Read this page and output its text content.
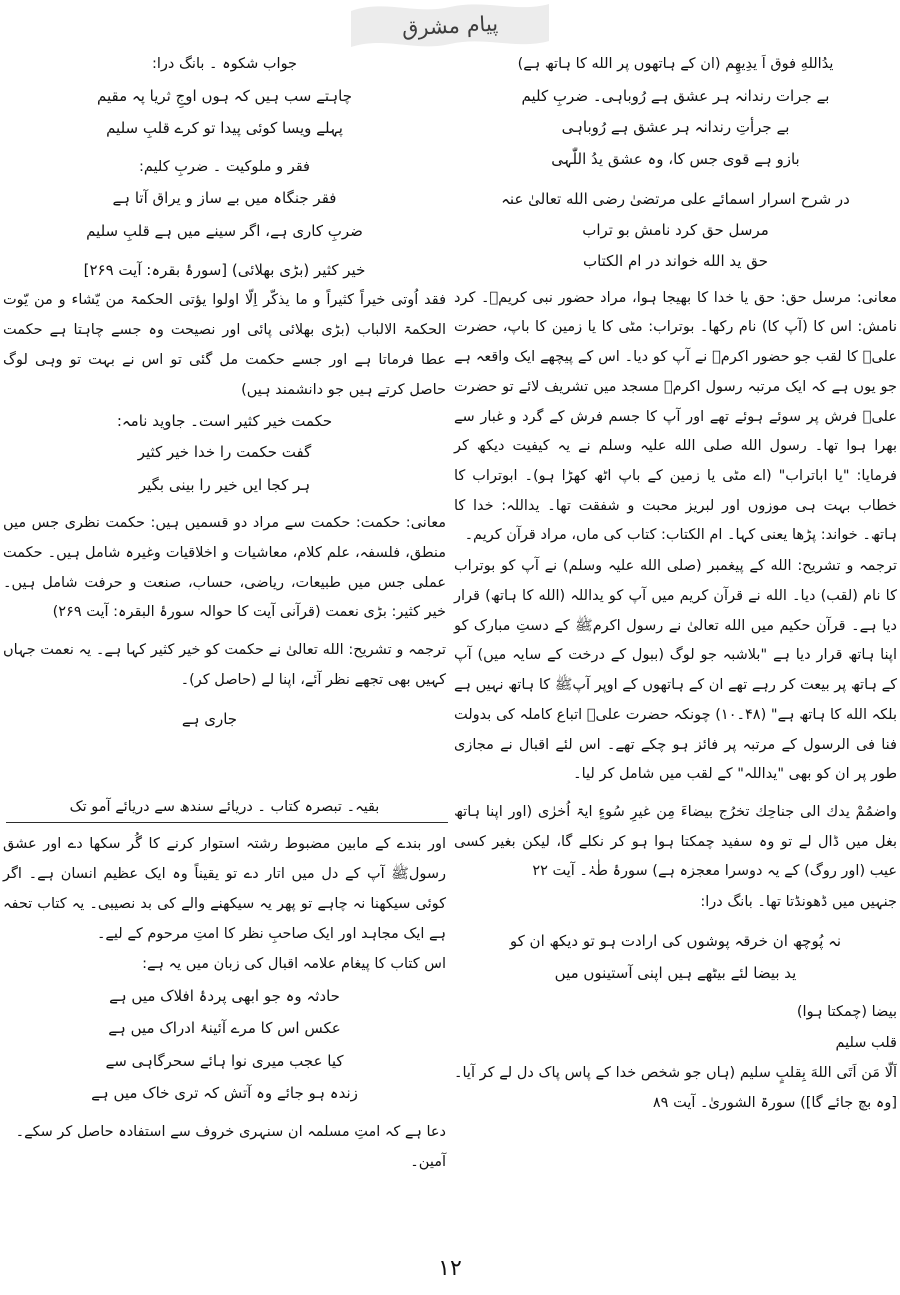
پیام مشرق
یدُاللهِ فوق اَ یدِیهِم (ان کے ہاتھوں پر الله کا ہاتھ ہے)
بے جرات رندانہ ہر عشق ہے رُوباہی۔ ضربِ کلیم
بے جرأتِ رندانہ ہر عشق ہے رُوباہی
بازو ہے قوی جس کا، وہ عشق یدُ اللّٰہی
در شرح اسرار اسمائے علی مرتضیٰ رضی الله تعالیٰ عنہ
مرسل حق کرد نامش بو تراب
حق ید الله خواند در ام الکتاب
معانی: مرسل حق: حق یا خدا کا بھیجا ہوا، مراد حضور نبی کریمﷺ۔ کرد نامش: اس کا (آپ کا) نام رکھا۔ بوتراب: مٹی کا یا زمین کا باپ، حضرت علیؓ کا لقب جو حضور اکرمﷺ نے آپ کو دیا۔ اس کے پیچھے ایک واقعہ ہے جو یوں ہے کہ ایک مرتبہ رسول اکرمﷺ مسجد میں تشریف لائے تو حضرت علیؓ فرش پر سوئے ہوئے تھے اور آپ کا جسم فرش کے گرد و غبار سے بھرا ہوا تھا۔ رسول الله صلی الله علیہ وسلم نے یہ کیفیت دیکھ کر فرمایا: "یا اباتراب" (اے مٹی یا زمین کے باپ اٹھ کھڑا ہو)۔ ابوتراب کا خطاب بہت ہی موزوں اور لبریز محبت و شفقت تھا۔ یداللہ: خدا کا ہاتھ۔ خواند: پڑھا یعنی کہا۔ ام الکتاب: کتاب کی ماں، مراد قرآن کریم۔
ترجمہ و تشریح: الله کے پیغمبر (صلی الله علیہ وسلم) نے آپ کو بوتراب کا نام (لقب) دیا۔ الله نے قرآن کریم میں آپ کو یداللہ (الله کا ہاتھ) قرار دیا ہے۔ قرآن حکیم میں الله تعالیٰ نے رسول اکرمﷺ کے دستِ مبارک کو اپنا ہاتھ قرار دیا ہے "بلاشبہ جو لوگ (ببول کے درخت کے سایہ میں) آپ کے ہاتھ پر بیعت کر رہے تھے ان کے ہاتھوں کے اوپر آپﷺ کا ہاتھ نہیں ہے بلکہ الله کا ہاتھ ہے" (۴۸۔۱۰) چونکہ حضرت علیؓ اتباع کاملہ کی بدولت فنا فی الرسول کے مرتبہ پر فائز ہو چکے تھے۔ اس لئے اقبال نے مجازی طور پر ان کو بھی "یداللہ" کے لقب میں شامل کر لیا۔
واضمُمْ یدك الی جناحِك تخرُج بیضاءَ مِن غیرِ سُوءٍ ایۃ اُخرٰی (اور اپنا ہاتھ بغل میں ڈال لے تو وہ سفید چمکتا ہوا ہو کر نکلے گا، لیکن بغیر کسی عیب (اور روگ) کے یہ دوسرا معجزہ ہے) سورۂ طٰہٰ۔ آیت ۲۲
جنہیں میں ڈھونڈتا تھا۔ بانگ درا:
نہ پُوچھ ان خرقہ پوشوں کی ارادت ہو تو دیکھ ان کو
ید بیضا لئے بیٹھے ہیں اپنی آستینوں میں
بیضا (چمکتا ہوا)
قلب سلیم
اَلّا مَن اَتَی اللهَ بِقلبٍ سلیم (ہاں جو شخص خدا کے پاس پاک دل لے کر آیا۔ [وہ بچ جائے گا]) سورۃ الشوریٰ۔ آیت ۸۹
جواب شکوہ ۔ بانگ درا:
چاہتے سب ہیں کہ ہوں اوجِ ثریا پہ مقیم
پہلے ویسا کوئی پیدا تو کرے قلبِ سلیم
فقر و ملوکیت ۔ ضربِ کلیم:
فقر جنگاہ میں بے ساز و یراق آتا ہے
ضربِ کاری ہے، اگر سینے میں ہے قلبِ سلیم
خیر کثیر (بڑی بھلائی) [سورۂ بقرہ: آیت ۲۶۹]
فقد اُوتی خیراً کثیراً و ما یذکّر اِلّا اولوا یؤتی الحکمۃ من یّشاء و من یّوت الحکمۃ الالباب (بڑی بھلائی پائی اور نصیحت وہ جسے چاہتا ہے حکمت عطا فرماتا ہے اور جسے حکمت مل گئی تو اس نے بہت تو وہی لوگ حاصل کرتے ہیں جو دانشمند ہیں)
حکمت خیر کثیر است۔ جاوید نامہ:
گفت حکمت را خدا خیر کثیر
ہر کجا ایں خیر را بینی بگیر
معانی: حکمت: حکمت سے مراد دو قسمیں ہیں: حکمت نظری جس میں منطق، فلسفہ، علم کلام، معاشیات و اخلاقیات وغیرہ شامل ہیں۔ حکمت عملی جس میں طبیعات، ریاضی، حساب، صنعت و حرفت شامل ہیں۔ خیر کثیر: بڑی نعمت (قرآنی آیت کا حوالہ سورۂ البقرہ: آیت ۲۶۹)
ترجمہ و تشریح: الله تعالیٰ نے حکمت کو خیر کثیر کہا ہے۔ یہ نعمت جہاں کہیں بھی تجھے نظر آئے، اپنا لے (حاصل کر)۔
جاری ہے
بقیہ۔ تبصرہ کتاب ۔ دریائے سندھ سے دریائے آمو تک
اور بندے کے مابین مضبوط رشتہ استوار کرنے کا گُر سکھا دے اور عشق رسولﷺ آپ کے دل میں اتار دے تو یقیناً وہ ایک عظیم انسان ہے۔ اگر کوئی سیکھنا نہ چاہے تو پھر یہ سیکھنے والے کی بد نصیبی۔ یہ کتاب تحفہ ہے ایک مجاہد اور ایک صاحبِ نظر کا امتِ مرحوم کے لیے۔
اس کتاب کا پیغام علامہ اقبال کی زبان میں یہ ہے:
حادثہ وہ جو ابھی پردۂ افلاک میں ہے
عکس اس کا مرے آئینۂ ادراک میں ہے
کیا عجب میری نوا ہائے سحرگاہی سے
زندہ ہو جائے وہ آتش کہ تری خاک میں ہے
دعا ہے کہ امتِ مسلمہ ان سنہری خروف سے استفادہ حاصل کر سکے۔ آمین۔
۱۲
